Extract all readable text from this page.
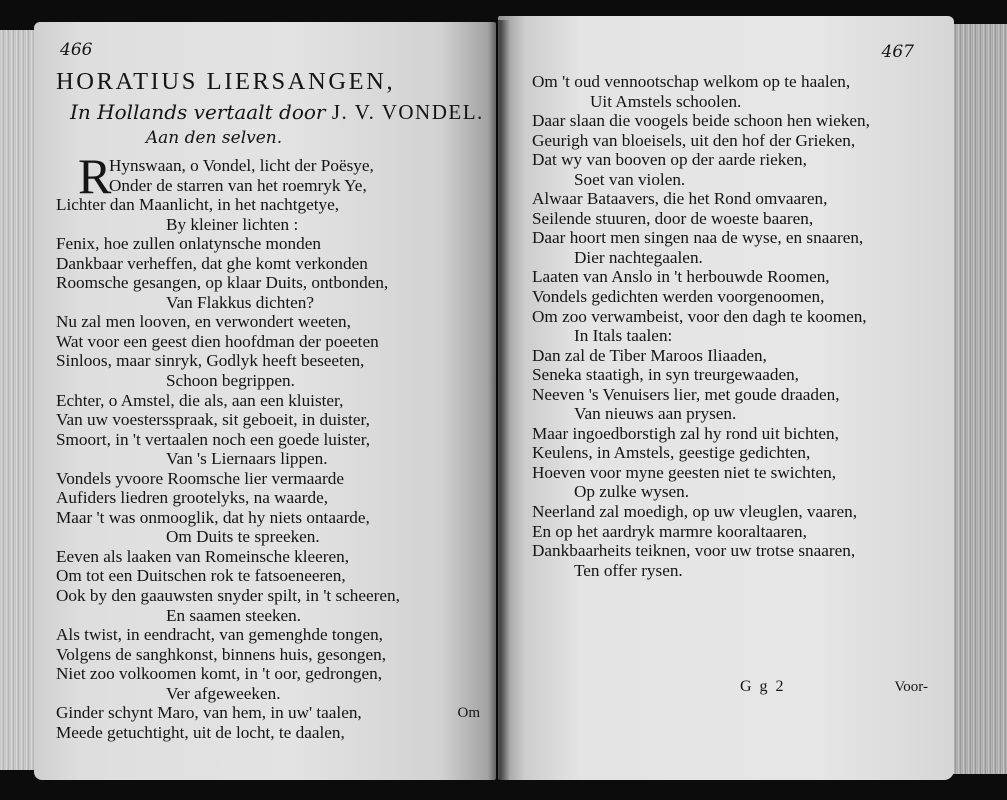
466
HORATIUS LIERSANGEN,
In Hollands vertaalt door J. V. VONDEL.
Aan den selven.
R
Hynswaan, o Vondel, licht der Poësye,
Onder de starren van het roemryk Ye,
Lichter dan Maanlicht, in het nachtgetye,
By kleiner lichten :
Fenix, hoe zullen onlatynsche monden
Dankbaar verheffen, dat ghe komt verkonden
Roomsche gesangen, op klaar Duits, ontbonden,
Van Flakkus dichten?
Nu zal men looven, en verwondert weeten,
Wat voor een geest dien hoofdman der poeeten
Sinloos, maar sinryk, Godlyk heeft beseeten,
Schoon begrippen.
Echter, o Amstel, die als, aan een kluister,
Van uw voestersspraak, sit geboeit, in duister,
Smoort, in 't vertaalen noch een goede luister,
Van 's Liernaars lippen.
Vondels yvoore Roomsche lier vermaarde
Aufiders liedren grootelyks, na waarde,
Maar 't was onmooglik, dat hy niets ontaarde,
Om Duits te spreeken.
Eeven als laaken van Romeinsche kleeren,
Om tot een Duitschen rok te fatsoeneeren,
Ook by den gaauwsten snyder spilt, in 't scheeren,
En saamen steeken.
Als twist, in eendracht, van gemenghde tongen,
Volgens de sanghkonst, binnens huis, gesongen,
Niet zoo volkoomen komt, in 't oor, gedrongen,
Ver afgeweeken.
Ginder schynt Maro, van hem, in uw' taalen,
Meede getuchtight, uit de locht, te daalen,
Om
467
Om 't oud vennootschap welkom op te haalen,
Uit Amstels schoolen.
Daar slaan die voogels beide schoon hen wieken,
Geurigh van bloeisels, uit den hof der Grieken,
Dat wy van booven op der aarde rieken,
Soet van violen.
Alwaar Bataavers, die het Rond omvaaren,
Seilende stuuren, door de woeste baaren,
Daar hoort men singen naa de wyse, en snaaren,
Dier nachtegaalen.
Laaten van Anslo in 't herbouwde Roomen,
Vondels gedichten werden voorgenoomen,
Om zoo verwambeist, voor den dagh te koomen,
In Itals taalen:
Dan zal de Tiber Maroos Iliaaden,
Seneka staatigh, in syn treurgewaaden,
Neeven 's Venuisers lier, met goude draaden,
Van nieuws aan prysen.
Maar ingoedborstigh zal hy rond uit bichten,
Keulens, in Amstels, geestige gedichten,
Hoeven voor myne geesten niet te swichten,
Op zulke wysen.
Neerland zal moedigh, op uw vleuglen, vaaren,
En op het aardryk marmre kooraltaaren,
Dankbaarheits teiknen, voor uw trotse snaaren,
Ten offer rysen.
G g 2	Voor-
